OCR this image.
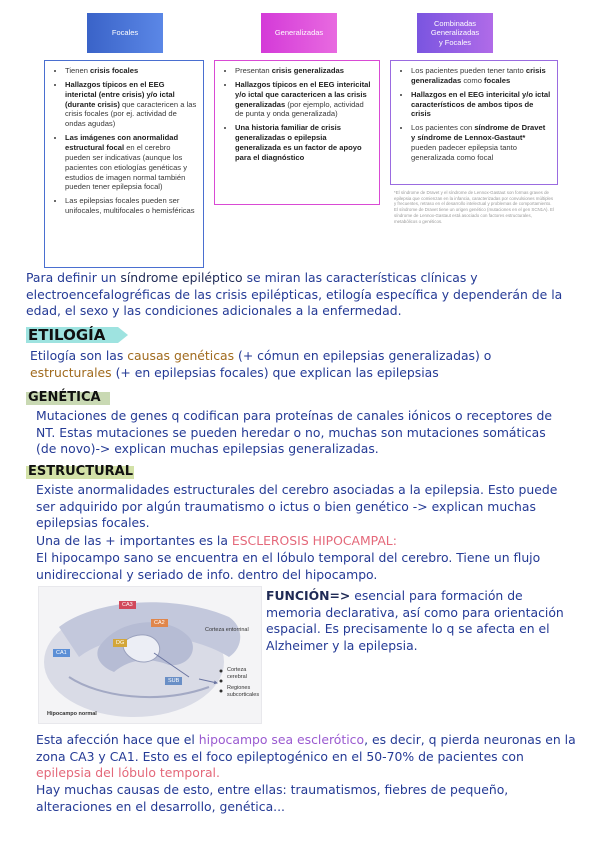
Focales	Generalizadas
Combinadas
Generalizadas
y Focales
• Tienen crisis focales
• Hallazgos típicos en el EEG interictal (entre crisis) y/o ictal (durante crisis) que caractericen a las crisis focales (por ej. actividad de ondas agudas)
• Las imágenes con anormalidad estructural focal en el cerebro pueden ser indicativas (aunque los pacientes con etiologías genéticas y estudios de imagen normal también pueden tener epilepsia focal)
• Las epilepsias focales pueden ser unifocales, multifocales o hemisféricas
• Presentan crisis generalizadas
• Hallazgos típicos en el EEG intericital y/o ictal que caractericen a las crisis generalizadas (por ejemplo, actividad de punta y onda generalizada)
• Una historia familiar de crisis generalizadas o epilepsia generalizada es un factor de apoyo para el diagnóstico
• Los pacientes pueden tener tanto crisis generalizadas como focales
• Hallazgos en el EEG intericital y/o ictal característicos de ambos tipos de crisis
• Los pacientes con síndrome de Dravet y síndrome de Lennox-Gastaut* pueden padecer epilepsia tanto generalizada como focal
*El síndrome de Dravet y el síndrome de Lennox-Gastaut son formas graves de epilepsia que comienzan en la infancia, caracterizadas por convulsiones múltiples y frecuentes, retraso en el desarrollo intelectual y problemas de comportamiento. El síndrome de Dravet tiene un origen genético (mutaciones en el gen SCN1A). El síndrome de Lennox-Gastaut está asociado con factores estructurales, metabólicos o genéticos.
Para definir un síndrome epiléptico se miran las características clínicas y electroencefalogréficas de las crisis epilépticas, etilogía específica y dependerán de la edad, el sexo y las condiciones adicionales a la enfermedad.
ETILOGÍA
Etilogía son las causas genéticas (+ cómun en epilepsias generalizadas) o estructurales (+ en epilepsias focales) que explican las epilepsias
GENÉTICA
Mutaciones de genes q codifican para proteínas de canales iónicos o receptores de NT. Estas mutaciones se pueden heredar o no, muchas son mutaciones somáticas (de novo)-> explican muchas epilepsias generalizadas.
ESTRUCTURAL
Existe anormalidades estructurales del cerebro asociadas a la epilepsia. Esto puede ser adquirido por algún traumatismo o ictus o bien genético -> explican muchas epilepsias focales.
Una de las + importantes es la ESCLEROSIS HIPOCAMPAL:
El hipocampo sano se encuentra en el lóbulo temporal del cerebro. Tiene un flujo unidireccional y seriado de info. dentro del hipocampo.
CA3
CA2
CA1
DG
SUB
Corteza entorrinal
Corteza cerebral
Regiones subcorticales
Hipocampo normal
FUNCIÓN=> esencial para formación de memoria declarativa, así como para orientación espacial. Es precisamente lo q se afecta en el Alzheimer y la epilepsia.
Esta afección hace que el hipocampo sea esclerótico, es decir, q pierda neuronas en la zona CA3 y CA1. Esto es el foco epileptogénico en el 50-70% de pacientes con epilepsia del lóbulo temporal.
Hay muchas causas de esto, entre ellas: traumatismos, fiebres de pequeño, alteraciones en el desarrollo, genética...
